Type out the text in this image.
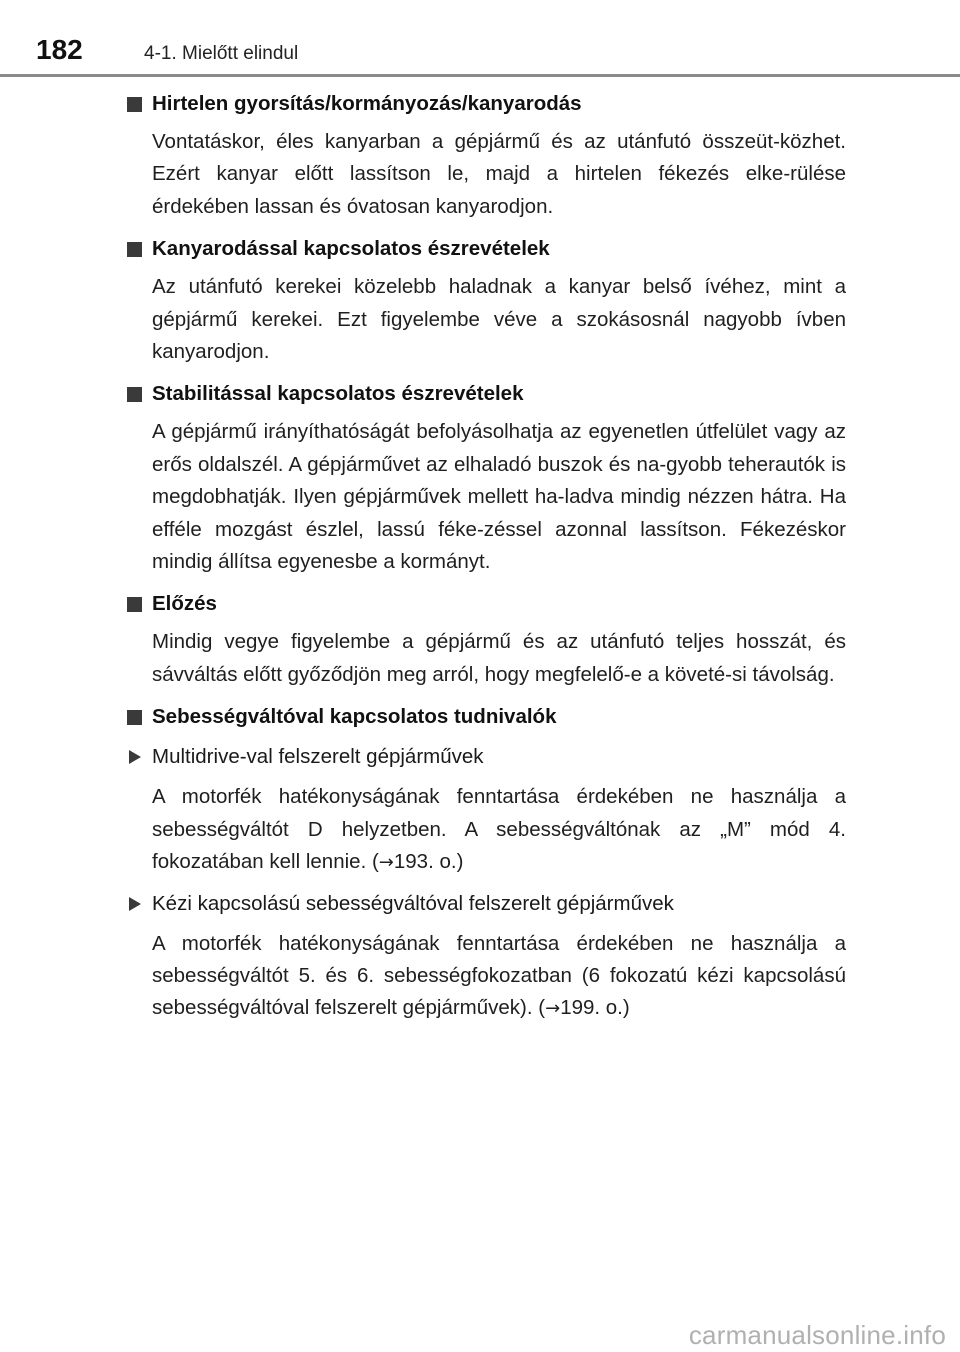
182	4-1. Mielőtt elindul
Hirtelen gyorsítás/kormányozás/kanyarodás
Vontatáskor, éles kanyarban a gépjármű és az utánfutó összeüt-közhet. Ezért kanyar előtt lassítson le, majd a hirtelen fékezés elke-rülése érdekében lassan és óvatosan kanyarodjon.
Kanyarodással kapcsolatos észrevételek
Az utánfutó kerekei közelebb haladnak a kanyar belső ívéhez, mint a gépjármű kerekei. Ezt figyelembe véve a szokásosnál nagyobb ívben kanyarodjon.
Stabilitással kapcsolatos észrevételek
A gépjármű irányíthatóságát befolyásolhatja az egyenetlen útfelület vagy az erős oldalszél. A gépjárművet az elhaladó buszok és na-gyobb teherautók is megdobhatják. Ilyen gépjárművek mellett ha-ladva mindig nézzen hátra. Ha efféle mozgást észlel, lassú féke-zéssel azonnal lassítson. Fékezéskor mindig állítsa egyenesbe a kormányt.
Előzés
Mindig vegye figyelembe a gépjármű és az utánfutó teljes hosszát, és sávváltás előtt győződjön meg arról, hogy megfelelő-e a követé-si távolság.
Sebességváltóval kapcsolatos tudnivalók
Multidrive-val felszerelt gépjárművek
A motorfék hatékonyságának fenntartása érdekében ne használja a sebességváltót D helyzetben. A sebességváltónak az „M” mód 4. fokozatában kell lennie. (→193. o.)
Kézi kapcsolású sebességváltóval felszerelt gépjárművek
A motorfék hatékonyságának fenntartása érdekében ne használja a sebességváltót 5. és 6. sebességfokozatban (6 fokozatú kézi kapcsolású sebességváltóval felszerelt gépjárművek). (→199. o.)
carmanualsonline.info
